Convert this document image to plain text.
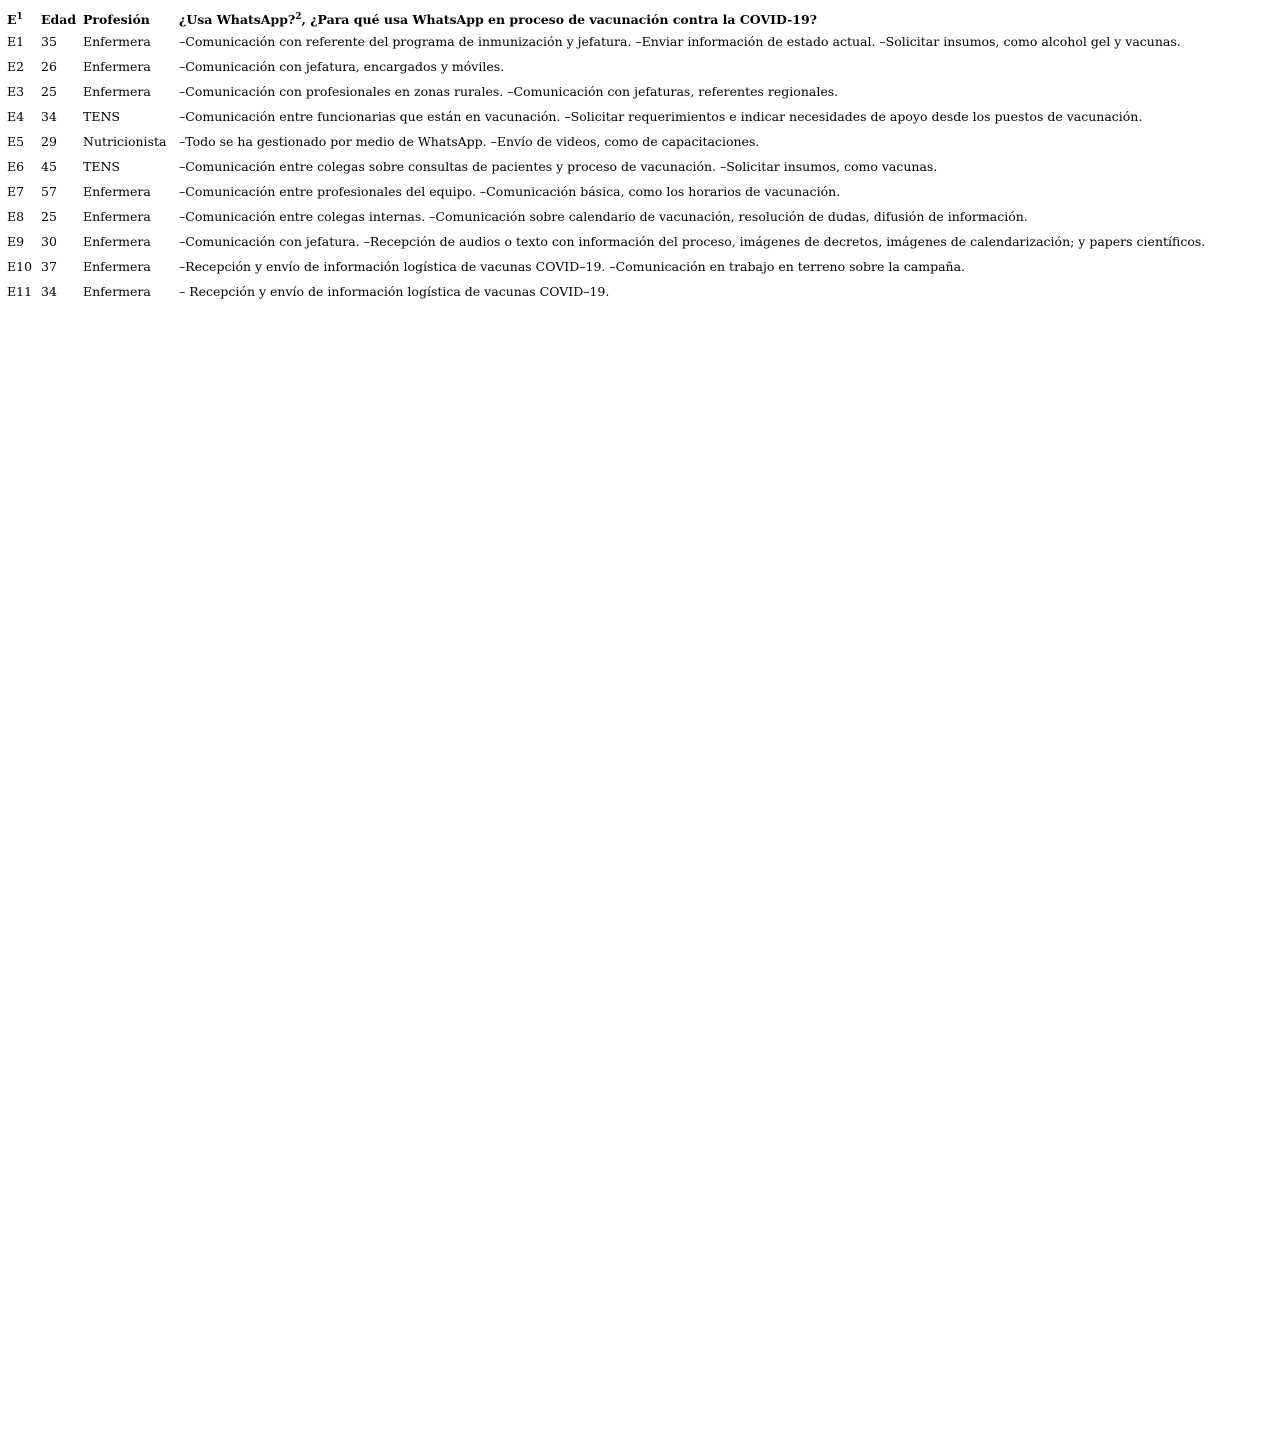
$E^1$	Edad	Profesión	¿Usa WhatsApp?$^2$, ¿Para qué usa WhatsApp en proceso de vacunación contra la COVID-19?
E1	35	Enfermera	–Comunicación con referente del programa de inmunización y jefatura. –Enviar información de estado actual. –Solicitar insumos, como alcohol gel y vacunas.
E2	26	Enfermera	–Comunicación con jefatura, encargados y móviles.
E3	25	Enfermera	–Comunicación con profesionales en zonas rurales. –Comunicación con jefaturas, referentes regionales.
E4	34	TENS	–Comunicación entre funcionarias que están en vacunación. –Solicitar requerimientos e indicar necesidades de apoyo desde los puestos de vacunación.
E5	29	Nutricionista	–Todo se ha gestionado por medio de WhatsApp. –Envío de videos, como de capacitaciones.
E6	45	TENS	–Comunicación entre colegas sobre consultas de pacientes y proceso de vacunación. –Solicitar insumos, como vacunas.
E7	57	Enfermera	–Comunicación entre profesionales del equipo. –Comunicación básica, como los horarios de vacunación.
E8	25	Enfermera	–Comunicación entre colegas internas. –Comunicación sobre calendario de vacunación, resolución de dudas, difusión de información.
E9	30	Enfermera	–Comunicación con jefatura. –Recepción de audios o texto con información del proceso, imágenes de decretos, imágenes de calendarización; y papers científicos.
E10	37	Enfermera	–Recepción y envío de información logística de vacunas COVID–19. –Comunicación en trabajo en terreno sobre la campaña.
E11	34	Enfermera	– Recepción y envío de información logística de vacunas COVID–19.
